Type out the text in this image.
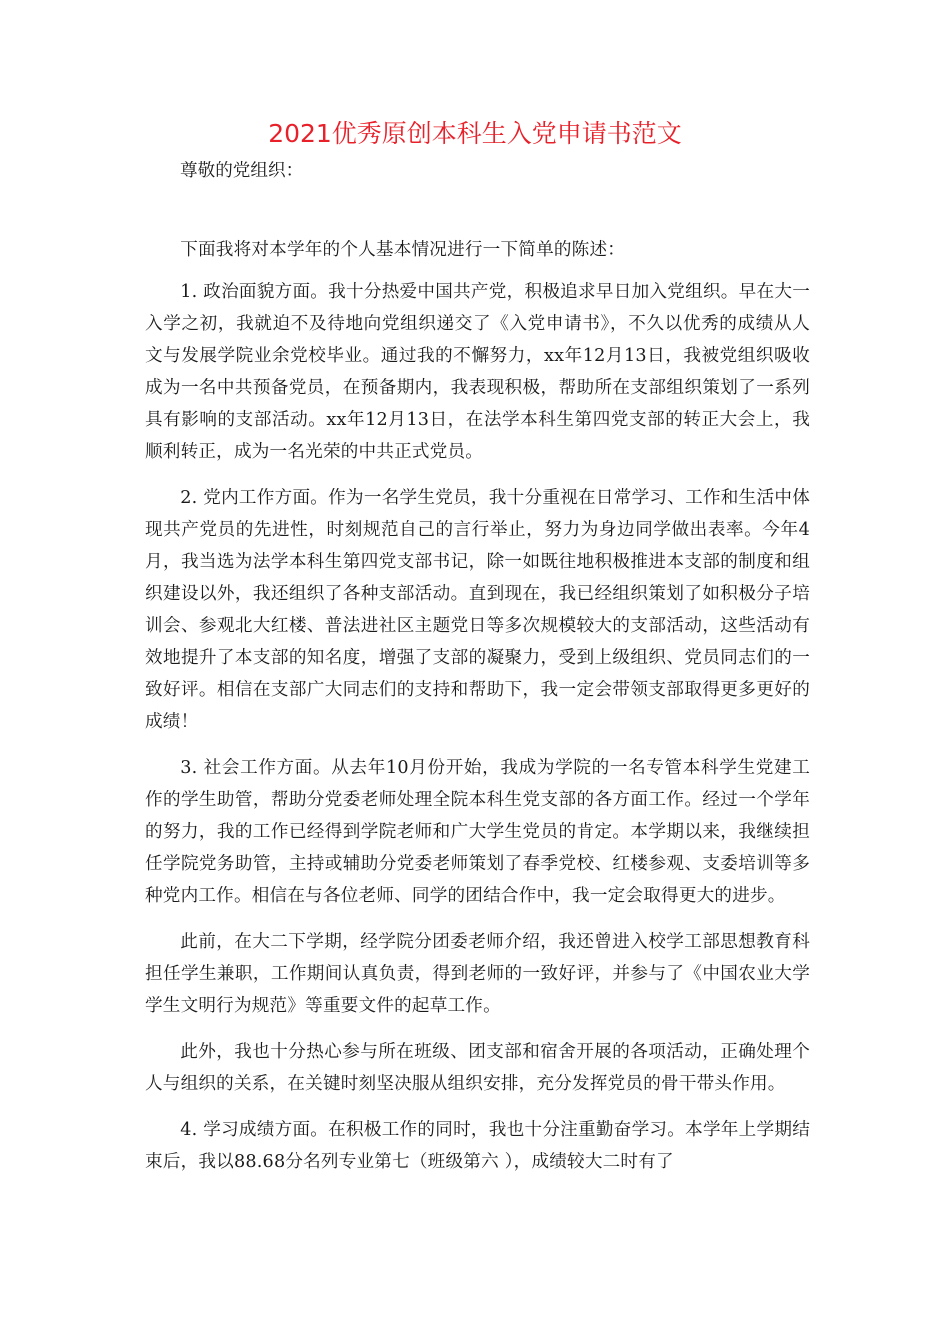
2021优秀原创本科生入党申请书范文

尊敬的党组织：

下面我将对本学年的个人基本情况进行一下简单的陈述：

1. 政治面貌方面。我十分热爱中国共产党，积极追求早日加入党组织。早在大一入学之初，我就迫不及待地向党组织递交了《入党申请书》，不久以优秀的成绩从人文与发展学院业余党校毕业。通过我的不懈努力，xx年12月13日，我被党组织吸收成为一名中共预备党员，在预备期内，我表现积极，帮助所在支部组织策划了一系列具有影响的支部活动。xx年12月13日，在法学本科生第四党支部的转正大会上，我顺利转正，成为一名光荣的中共正式党员。

2. 党内工作方面。作为一名学生党员，我十分重视在日常学习、工作和生活中体现共产党员的先进性，时刻规范自己的言行举止，努力为身边同学做出表率。今年4月，我当选为法学本科生第四党支部书记，除一如既往地积极推进本支部的制度和组织建设以外，我还组织了各种支部活动。直到现在，我已经组织策划了如积极分子培训会、参观北大红楼、普法进社区主题党日等多次规模较大的支部活动，这些活动有效地提升了本支部的知名度，增强了支部的凝聚力，受到上级组织、党员同志们的一致好评。相信在支部广大同志们的支持和帮助下，我一定会带领支部取得更多更好的成绩！

3. 社会工作方面。从去年10月份开始，我成为学院的一名专管本科学生党建工作的学生助管，帮助分党委老师处理全院本科生党支部的各方面工作。经过一个学年的努力，我的工作已经得到学院老师和广大学生党员的肯定。本学期以来，我继续担任学院党务助管，主持或辅助分党委老师策划了春季党校、红楼参观、支委培训等多种党内工作。相信在与各位老师、同学的团结合作中，我一定会取得更大的进步。

此前，在大二下学期，经学院分团委老师介绍，我还曾进入校学工部思想教育科担任学生兼职，工作期间认真负责，得到老师的一致好评，并参与了《中国农业大学学生文明行为规范》等重要文件的起草工作。

此外，我也十分热心参与所在班级、团支部和宿舍开展的各项活动，正确处理个人与组织的关系，在关键时刻坚决服从组织安排，充分发挥党员的骨干带头作用。

4. 学习成绩方面。在积极工作的同时，我也十分注重勤奋学习。本学年上学期结束后，我以88.68分名列专业第七（班级第六 ），成绩较大二时有了
